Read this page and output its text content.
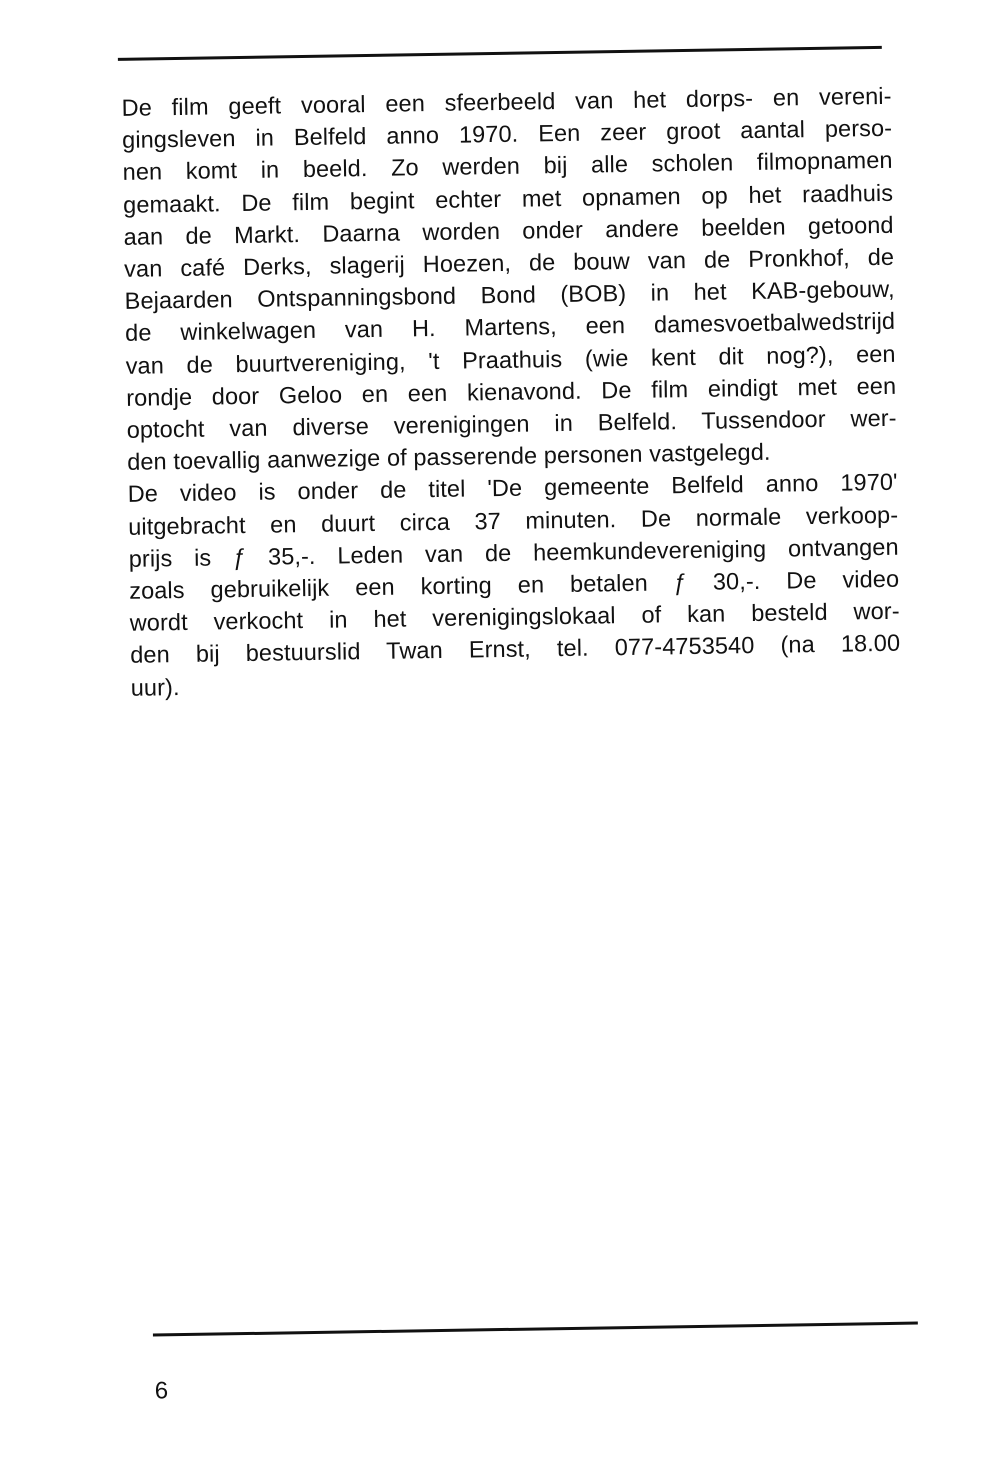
De film geeft vooral een sfeerbeeld van het dorps- en vereni-
gingsleven in Belfeld anno 1970. Een zeer groot aantal perso-
nen komt in beeld. Zo werden bij alle scholen filmopnamen
gemaakt. De film begint echter met opnamen op het raadhuis
aan de Markt. Daarna worden onder andere beelden getoond
van café Derks, slagerij Hoezen, de bouw van de Pronkhof, de
Bejaarden Ontspanningsbond Bond (BOB) in het KAB-gebouw,
de winkelwagen van H. Martens, een damesvoetbalwedstrijd
van de buurtvereniging, 't Praathuis (wie kent dit nog?), een
rondje door Geloo en een kienavond. De film eindigt met een
optocht van diverse verenigingen in Belfeld. Tussendoor wer-
den toevallig aanwezige of passerende personen vastgelegd.
De video is onder de titel 'De gemeente Belfeld anno 1970'
uitgebracht en duurt circa 37 minuten. De normale verkoop-
prijs is ƒ 35,-. Leden van de heemkundevereniging ontvangen
zoals gebruikelijk een korting en betalen ƒ 30,-. De video
wordt verkocht in het verenigingslokaal of kan besteld wor-
den bij bestuurslid Twan Ernst, tel. 077-4753540 (na 18.00
uur).
6
